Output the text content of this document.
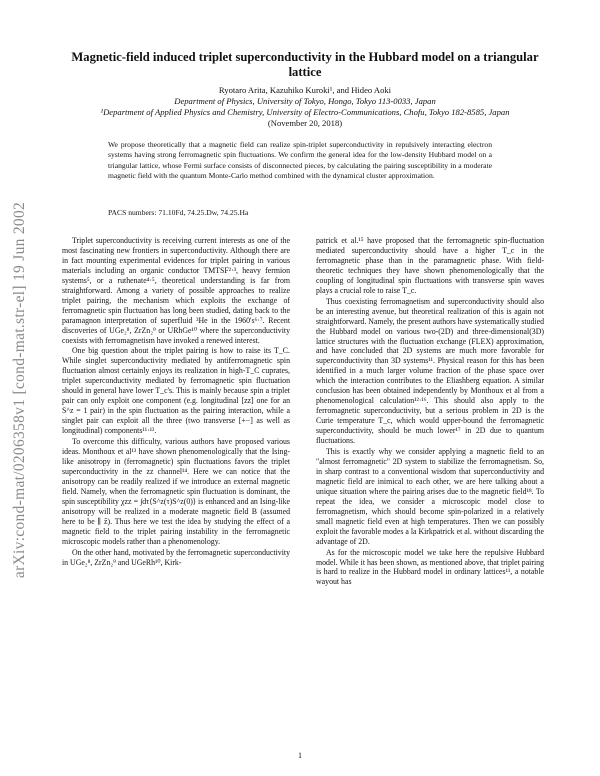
arXiv:cond-mat/0206358v1 [cond-mat.str-el] 19 Jun 2002
Magnetic-field induced triplet superconductivity in the Hubbard model on a triangular lattice
Ryotaro Arita, Kazuhiko Kuroki¹, and Hideo Aoki
Department of Physics, University of Tokyo, Hongo, Tokyo 113-0033, Japan
¹Department of Applied Physics and Chemistry, University of Electro-Communications, Chofu, Tokyo 182-8585, Japan
(November 20, 2018)
We propose theoretically that a magnetic field can realize spin-triplet superconductivity in repulsively interacting electron systems having strong ferromagnetic spin fluctuations. We confirm the general idea for the low-density Hubbard model on a triangular lattice, whose Fermi surface consists of disconnected pieces, by calculating the pairing susceptibility in a moderate magnetic field with the quantum Monte-Carlo method combined with the dynamical cluster approximation.
PACS numbers: 71.10Fd, 74.25.Dw, 74.25.Ha

Triplet superconductivity is receiving current interests as one of the most fascinating new frontiers in superconductivity. Although there are in fact mounting experimental evidences for triplet pairing in various materials including an organic conductor TMTSF²·³, heavy fermion systems⁵, or a ruthenate⁴·⁵, theoretical understanding is far from straightforward. Among a variety of possible approaches to realize triplet pairing, the mechanism which exploits the exchange of ferromagnetic spin fluctuation has long been studied, dating back to the paramagnon interpretation of superfluid ³He in the 1960's⁶·⁷. Recent discoveries of UGe₂⁸, ZrZn₂⁹ or URhGe¹⁰ where the superconductivity coexists with ferromagnetism have invoked a renewed interest.

One big question about the triplet pairing is how to raise its T_C. While singlet superconductivity mediated by antiferromagnetic spin fluctuation almost certainly enjoys its realization in high-T_C cuprates, triplet superconductivity mediated by ferromagnetic spin fluctuation should in general have lower T_c's. This is mainly because spin a triplet pair can only exploit one component (e.g. longitudinal [zz] one for an S^z = 1 pair) in the spin fluctuation as the pairing interaction, while a singlet pair can exploit all the three (two transverse [+−] as well as longitudinal) components¹¹·¹².

To overcome this difficulty, various authors have proposed various ideas. Monthoux et al¹³ have shown phenomenologically that the Ising-like anisotropy in (ferromagnetic) spin fluctuations favors the triplet superconductivity in the zz channel¹⁴. Here we can notice that the anisotropy can be readily realized if we introduce an external magnetic field. Namely, when the ferromagnetic spin fluctuation is dominant, the spin susceptibility χzz = ∫dτ⟨S^z(τ)S^z(0)⟩ is enhanced and an Ising-like anisotropy will be realized in a moderate magnetic field B (assumed here to be ∥ ẑ). Thus here we test the idea by studying the effect of a magnetic field to the triplet pairing instability in the ferromagnetic microscopic models rather than a phenomenology.

On the other hand, motivated by the ferromagnetic superconductivity in UGe₂⁸, ZrZn₂⁹ and UGeRh¹⁰, Kirk-

patrick et al.¹⁵ have proposed that the ferromagnetic spin-fluctuation mediated superconductivity should have a higher T_c in the ferromagnetic phase than in the paramagnetic phase. With field-theoretic techniques they have shown phenomenologically that the coupling of longitudinal spin fluctuations with transverse spin waves plays a crucial role to raise T_c.

Thus coexisting ferromagnetism and superconductivity should also be an interesting avenue, but theoretical realization of this is again not straightforward. Namely, the present authors have systematically studied the Hubbard model on various two-(2D) and three-dimensional(3D) lattice structures with the fluctuation exchange (FLEX) approximation, and have concluded that 2D systems are much more favorable for superconductivity than 3D systems¹¹. Physical reason for this has been identified in a much larger volume fraction of the phase space over which the interaction contributes to the Eliashberg equation. A similar conclusion has been obtained independently by Monthoux et al from a phenomenological calculation¹²·¹⁶. This should also apply to the ferromagnetic superconductivity, but a serious problem in 2D is the Curie temperature T_c, which would upper-bound the ferromagnetic superconductivity, should be much lower¹⁷ in 2D due to quantum fluctuations.

This is exactly why we consider applying a magnetic field to an "almost ferromagnetic" 2D system to stabilize the ferromagnetism. So, in sharp contrast to a conventional wisdom that superconductivity and magnetic field are inimical to each other, we are here talking about a unique situation where the pairing arises due to the magnetic field¹⁸. To repeat the idea, we consider a microscopic model close to ferromagnetism, which should become spin-polarized in a relatively small magnetic field even at high temperatures. Then we can possibly exploit the favorable modes a la Kirkpatrick et al. without discarding the advantage of 2D.

As for the microscopic model we take here the repulsive Hubbard model. While it has been shown, as mentioned above, that triplet pairing is hard to realize in the Hubbard model in ordinary lattices¹¹, a notable wayout has

1
